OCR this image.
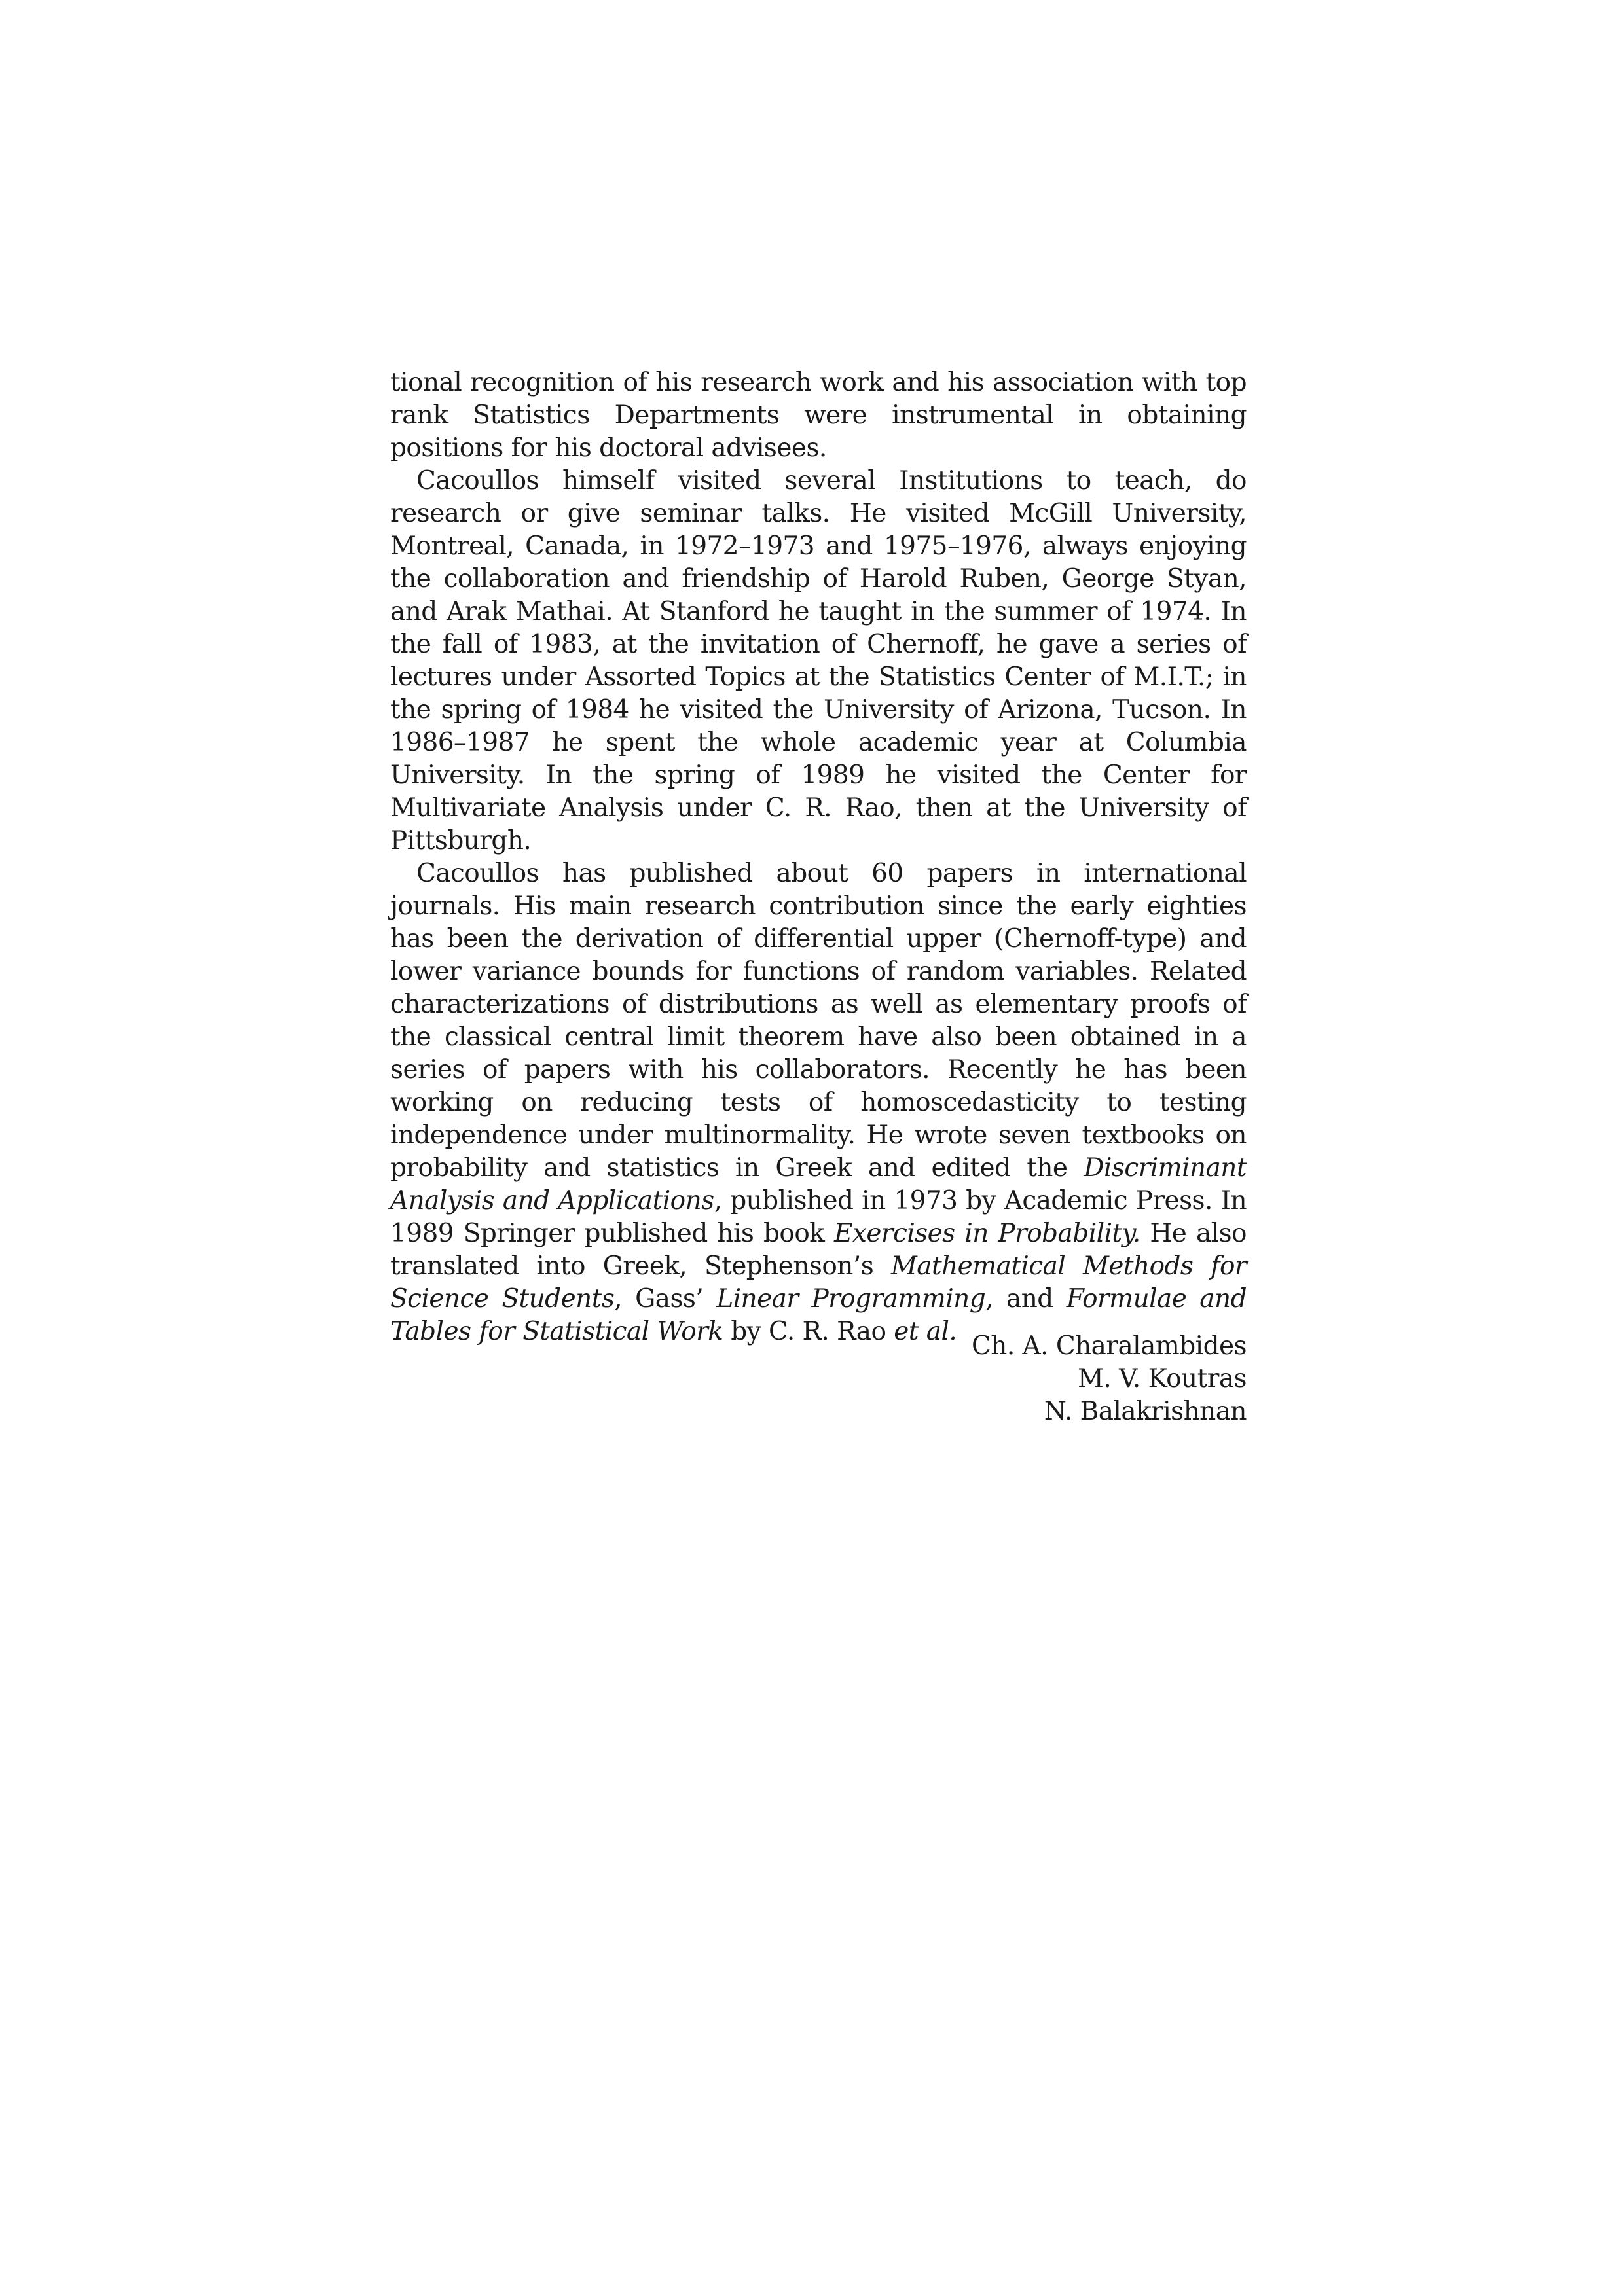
tional recognition of his research work and his association with top rank Statistics Departments were instrumental in obtaining positions for his doctoral advisees.

Cacoullos himself visited several Institutions to teach, do research or give seminar talks. He visited McGill University, Montreal, Canada, in 1972–1973 and 1975–1976, always enjoying the collaboration and friendship of Harold Ruben, George Styan, and Arak Mathai. At Stanford he taught in the summer of 1974. In the fall of 1983, at the invitation of Chernoff, he gave a series of lectures under Assorted Topics at the Statistics Center of M.I.T.; in the spring of 1984 he visited the University of Arizona, Tucson. In 1986–1987 he spent the whole academic year at Columbia University. In the spring of 1989 he visited the Center for Multivariate Analysis under C. R. Rao, then at the University of Pittsburgh.

Cacoullos has published about 60 papers in international journals. His main research contribution since the early eighties has been the derivation of differential upper (Chernoff-type) and lower variance bounds for functions of random variables. Related characterizations of distributions as well as elementary proofs of the classical central limit theorem have also been obtained in a series of papers with his collaborators. Recently he has been working on reducing tests of homoscedasticity to testing independence under multinormality. He wrote seven textbooks on probability and statistics in Greek and edited the Discriminant Analysis and Applications, published in 1973 by Academic Press. In 1989 Springer published his book Exercises in Probability. He also translated into Greek, Stephenson’s Mathematical Methods for Science Students, Gass’ Linear Programming, and Formulae and Tables for Statistical Work by C. R. Rao et al. Ch. A. Charalambides
M. V. Koutras
N. Balakrishnan
